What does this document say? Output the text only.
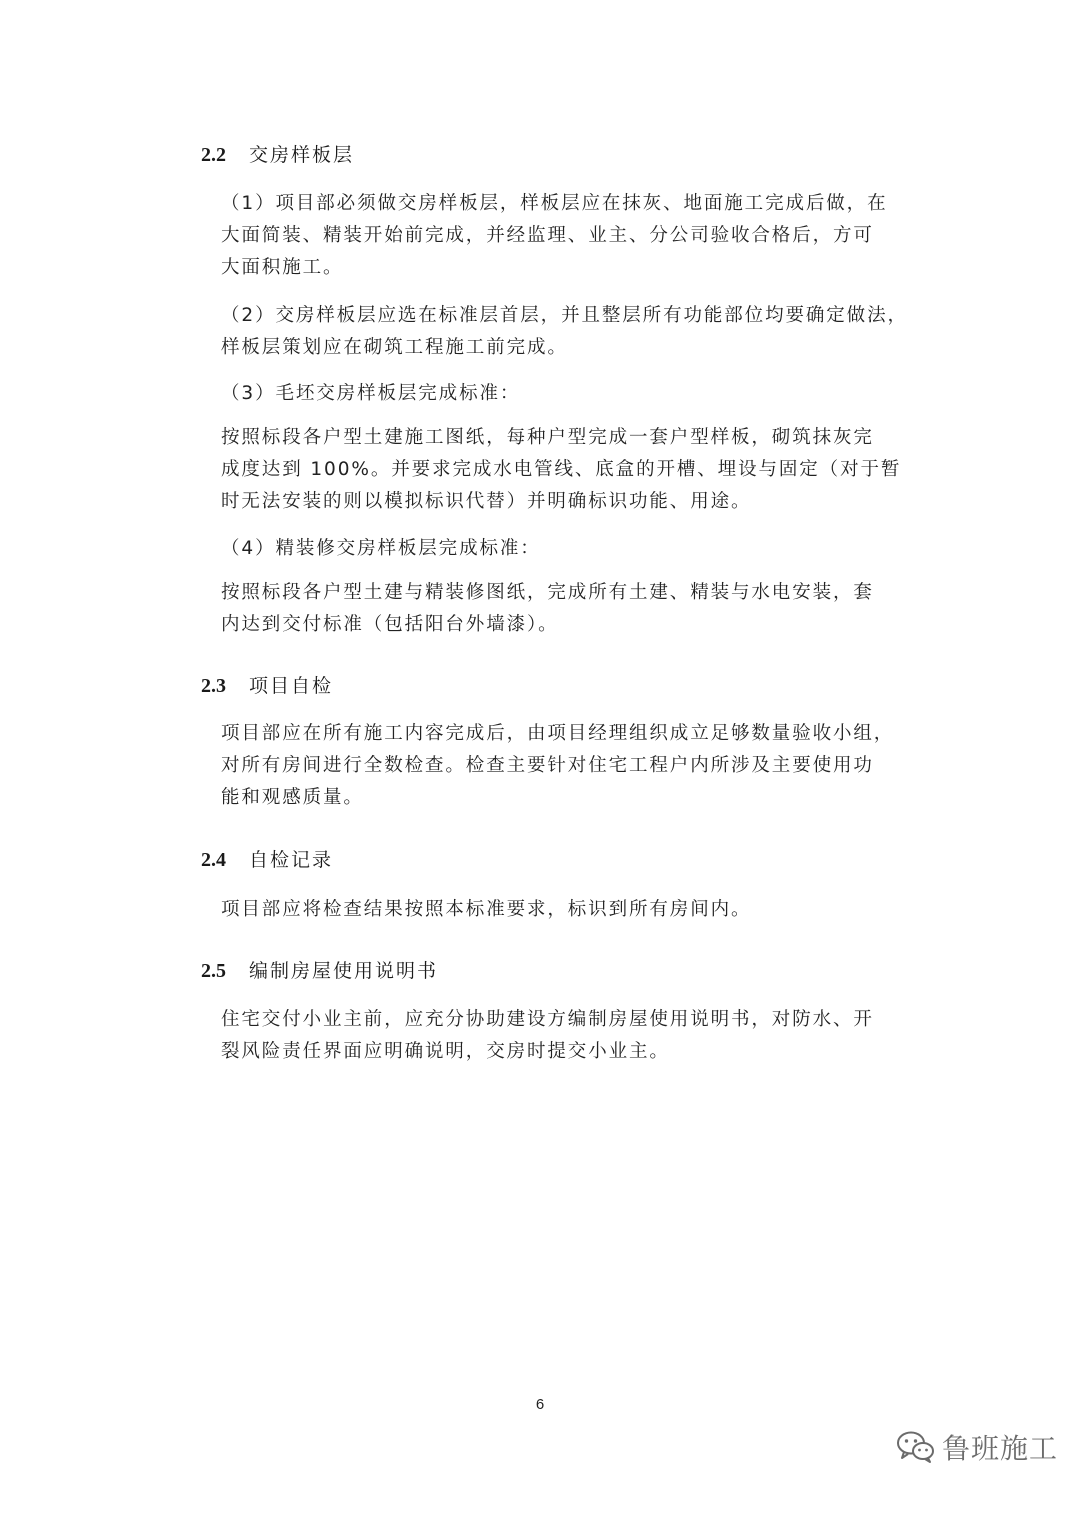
2.2 交房样板层
（1）项目部必须做交房样板层，样板层应在抹灰、地面施工完成后做，在
大面简装、精装开始前完成，并经监理、业主、分公司验收合格后，方可
大面积施工。
（2）交房样板层应选在标准层首层，并且整层所有功能部位均要确定做法，
样板层策划应在砌筑工程施工前完成。
（3）毛坯交房样板层完成标准：
按照标段各户型土建施工图纸，每种户型完成一套户型样板，砌筑抹灰完
成度达到 100%。并要求完成水电管线、底盒的开槽、埋设与固定（对于暂
时无法安装的则以模拟标识代替）并明确标识功能、用途。
（4）精装修交房样板层完成标准：
按照标段各户型土建与精装修图纸，完成所有土建、精装与水电安装，套
内达到交付标准（包括阳台外墙漆）。
2.3 项目自检
项目部应在所有施工内容完成后，由项目经理组织成立足够数量验收小组，
对所有房间进行全数检查。检查主要针对住宅工程户内所涉及主要使用功
能和观感质量。
2.4 自检记录
项目部应将检查结果按照本标准要求，标识到所有房间内。
2.5 编制房屋使用说明书
住宅交付小业主前，应充分协助建设方编制房屋使用说明书，对防水、开
裂风险责任界面应明确说明，交房时提交小业主。
6
鲁班施工
